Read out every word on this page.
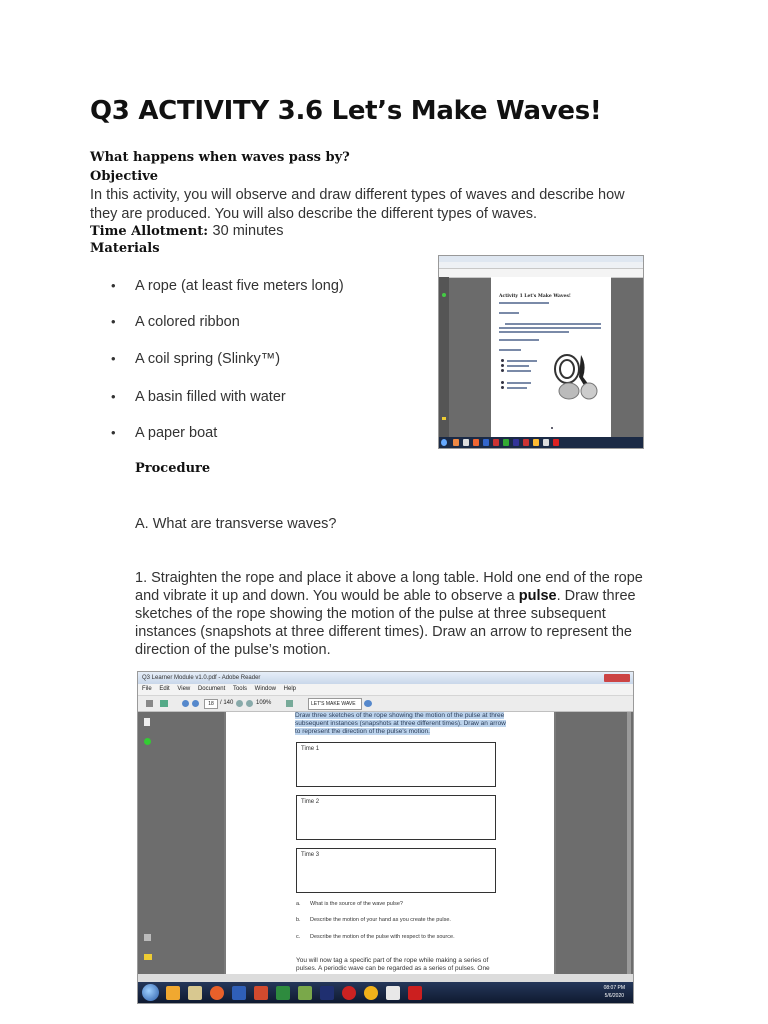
Q3 ACTIVITY 3.6 Let’s Make Waves!
What happens when waves pass by?
Objective
In this activity, you will observe and draw different types of waves and describe how
they are produced. You will also describe the different types of waves.
Time Allotment: 30 minutes
Materials
• A rope (at least five meters long)
• A colored ribbon
• A coil spring (Slinky™)
• A basin filled with water
• A paper boat
Activity 1 Let's Make Waves!
Procedure
A. What are transverse waves?
1. Straighten the rope and place it above a long table. Hold one end of the rope
and vibrate it up and down. You would be able to observe a pulse. Draw three
sketches of the rope showing the motion of the pulse at three subsequent
instances (snapshots at three different times). Draw an arrow to represent the
direction of the pulse’s motion.
Q3 Learner Module v1.0.pdf - Adobe Reader
File Edit View Document Tools Window Help
18	/ 140	109%	LET'S MAKE WAVE
Draw three sketches of the rope showing the motion of the pulse at three
subsequent instances (snapshots at three different times). Draw an arrow
to represent the direction of the pulse's motion.
Time 1
Time 2
Time 3
a. What is the source of the wave pulse?
b. Describe the motion of your hand as you create the pulse.
c. Describe the motion of the pulse with respect to the source.
You will now tag a specific part of the rope while making a series of
pulses. A periodic wave can be regarded as a series of pulses. One
08:07 PM
5/6/2020
